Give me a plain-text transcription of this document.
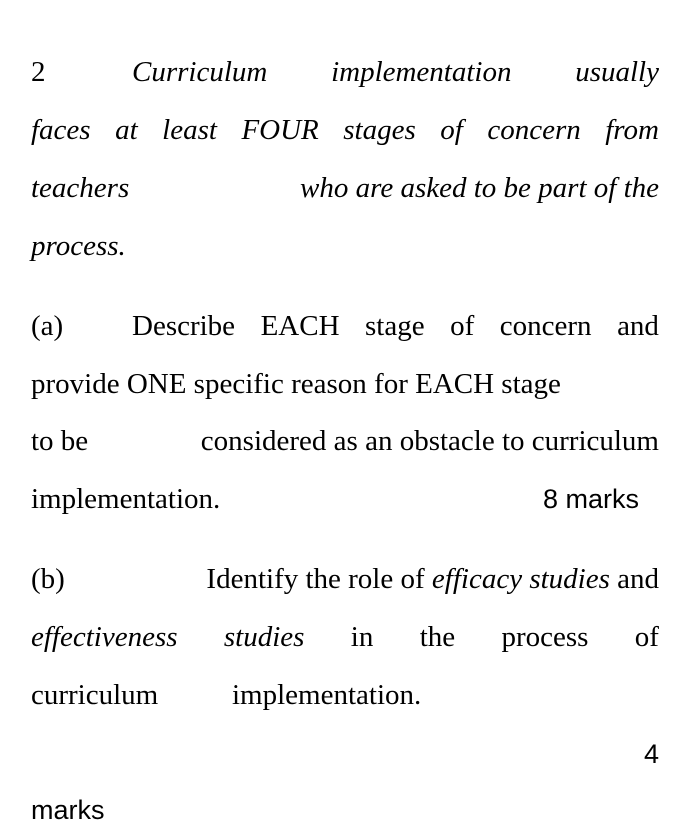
2	Curriculum implementation usually
faces at least FOUR stages of concern from
teachers	who are asked to be part of the
process.
(a) Describe EACH stage of concern and
provide ONE specific reason for EACH stage
to be	considered as an obstacle to curriculum
implementation.	8 marks
(b)	Identify the role of efficacy studies and
effectiveness studies in the process of
curriculum	implementation.
4
marks
